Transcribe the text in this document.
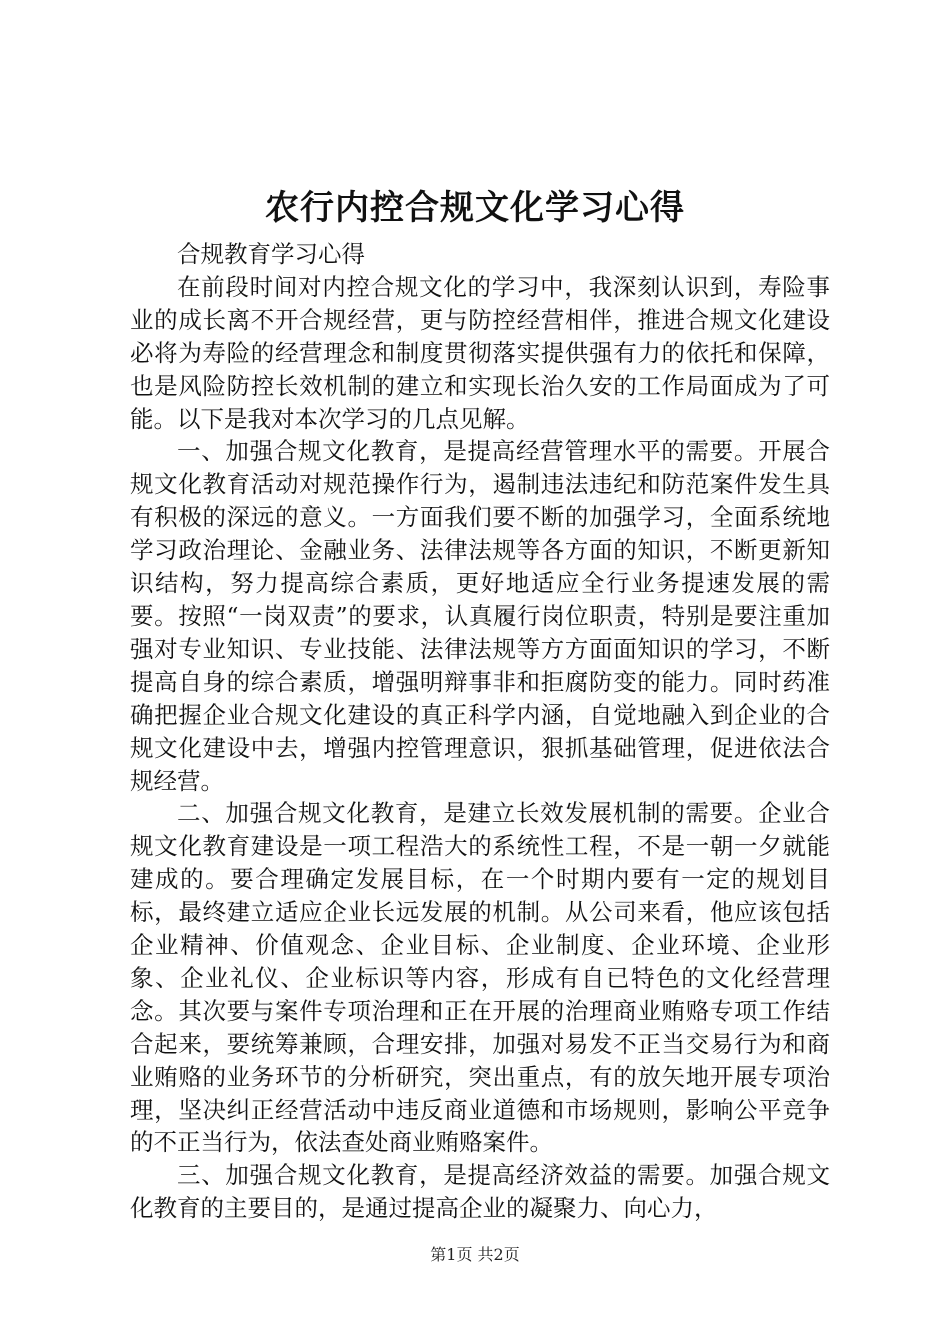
农行内控合规文化学习心得

合规教育学习心得

在前段时间对内控合规文化的学习中，我深刻认识到，寿险事业的成长离不开合规经营，更与防控经营相伴，推进合规文化建设必将为寿险的经营理念和制度贯彻落实提供强有力的依托和保障，也是风险防控长效机制的建立和实现长治久安的工作局面成为了可能。以下是我对本次学习的几点见解。

一、加强合规文化教育，是提高经营管理水平的需要。开展合规文化教育活动对规范操作行为，遏制违法违纪和防范案件发生具有积极的深远的意义。一方面我们要不断的加强学习，全面系统地学习政治理论、金融业务、法律法规等各方面的知识，不断更新知识结构，努力提高综合素质，更好地适应全行业务提速发展的需要。按照“一岗双责”的要求，认真履行岗位职责，特别是要注重加强对专业知识、专业技能、法律法规等方方面面知识的学习，不断提高自身的综合素质，增强明辩事非和拒腐防变的能力。同时药准确把握企业合规文化建设的真正科学内涵，自觉地融入到企业的合规文化建设中去，增强内控管理意识，狠抓基础管理，促进依法合规经营。

二、加强合规文化教育，是建立长效发展机制的需要。企业合规文化教育建设是一项工程浩大的系统性工程，不是一朝一夕就能建成的。要合理确定发展目标，在一个时期内要有一定的规划目标，最终建立适应企业长远发展的机制。从公司来看，他应该包括企业精神、价值观念、企业目标、企业制度、企业环境、企业形象、企业礼仪、企业标识等内容，形成有自已特色的文化经营理念。其次要与案件专项治理和正在开展的治理商业贿赂专项工作结合起来，要统筹兼顾，合理安排，加强对易发不正当交易行为和商业贿赂的业务环节的分析研究，突出重点，有的放矢地开展专项治理，坚决纠正经营活动中违反商业道德和市场规则，影响公平竞争的不正当行为，依法查处商业贿赂案件。

三、加强合规文化教育，是提高经济效益的需要。加强合规文化教育的主要目的，是通过提高企业的凝聚力、向心力，

第1页 共2页
